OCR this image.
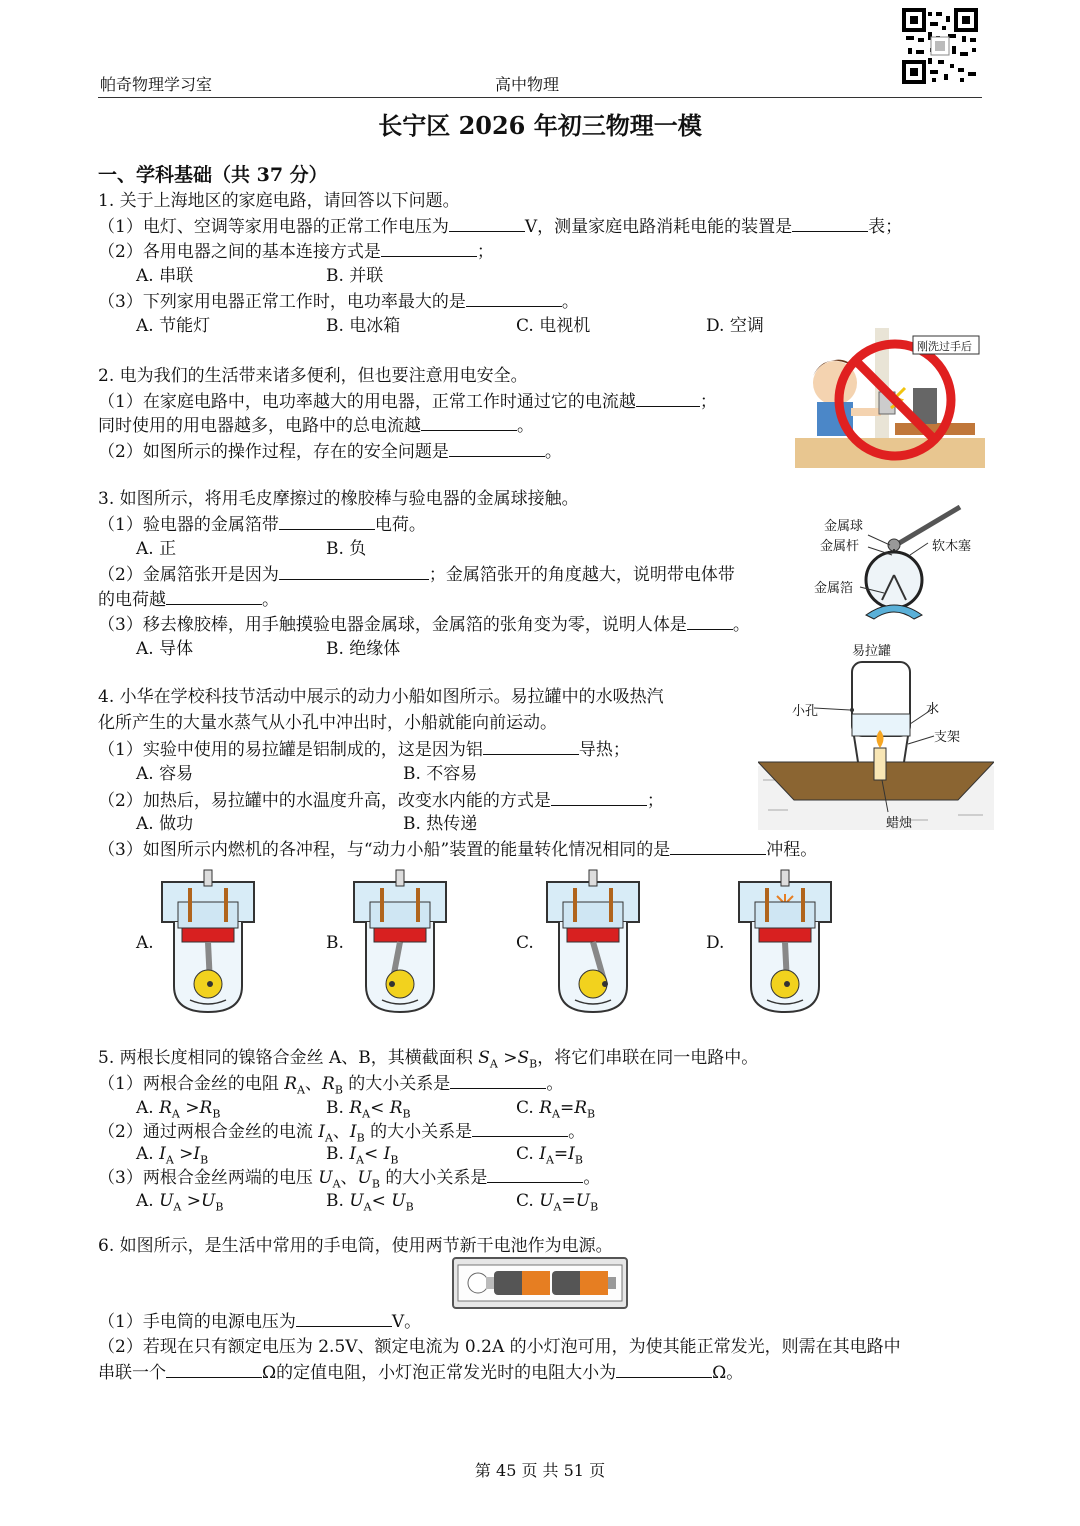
帕奇物理学习室	高中物理
长宁区 2026 年初三物理一模
一、学科基础（共 37 分）
1. 关于上海地区的家庭电路，请回答以下问题。
（1）电灯、空调等家用电器的正常工作电压为	V，测量家庭电路消耗电能的装置是	表；
（2）各用电器之间的基本连接方式是	；
A. 串联	B. 并联
（3）下列家用电器正常工作时，电功率最大的是	。
A. 节能灯	B. 电冰箱	C. 电视机	D. 空调
刚洗过手后
2. 电为我们的生活带来诸多便利，但也要注意用电安全。
（1）在家庭电路中，电功率越大的用电器，正常工作时通过它的电流越	；
同时使用的用电器越多，电路中的总电流越	。
（2）如图所示的操作过程，存在的安全问题是	。
3. 如图所示，将用毛皮摩擦过的橡胶棒与验电器的金属球接触。
（1）验电器的金属箔带	电荷。
A. 正	B. 负
（2）金属箔张开是因为	；金属箔张开的角度越大，说明带电体带
的电荷越	。
（3）移去橡胶棒，用手触摸验电器金属球，金属箔的张角变为零，说明人体是	。
A. 导体	B. 绝缘体
金属球
金属杆
金属箔
软木塞
易拉罐
小孔	水
支架
蜡烛
4. 小华在学校科技节活动中展示的动力小船如图所示。易拉罐中的水吸热汽
化所产生的大量水蒸气从小孔中冲出时，小船就能向前运动。
（1）实验中使用的易拉罐是铝制成的，这是因为铝	导热；
A. 容易	B. 不容易
（2）加热后，易拉罐中的水温度升高，改变水内能的方式是	；
A. 做功	B. 热传递
（3）如图所示内燃机的各冲程，与“动力小船”装置的能量转化情况相同的是	冲程。
A.	B.	C.	D.
5. 两根长度相同的镍铬合金丝 A、B，其横截面积 $S_A >S_B$，将它们串联在同一电路中。
（1）两根合金丝的电阻 $R_A$、$R_B$ 的大小关系是	。
A. $R_A >R_B$	B. $R_A< R_B$	C. $R_A=R_B$
（2）通过两根合金丝的电流 $I_A$、$I_B$ 的大小关系是	。
A. $I_A >I_B$	B. $I_A< I_B$	C. $I_A=I_B$
（3）两根合金丝两端的电压 $U_A$、$U_B$ 的大小关系是	。
A. $U_A >U_B$	B. $U_A< U_B$	C. $U_A=U_B$
6. 如图所示，是生活中常用的手电筒，使用两节新干电池作为电源。
（1）手电筒的电源电压为	V。
（2）若现在只有额定电压为 2.5V、额定电流为 0.2A 的小灯泡可用，为使其能正常发光，则需在其电路中
串联一个	Ω的定值电阻，小灯泡正常发光时的电阻大小为	Ω。
第 45 页 共 51 页
